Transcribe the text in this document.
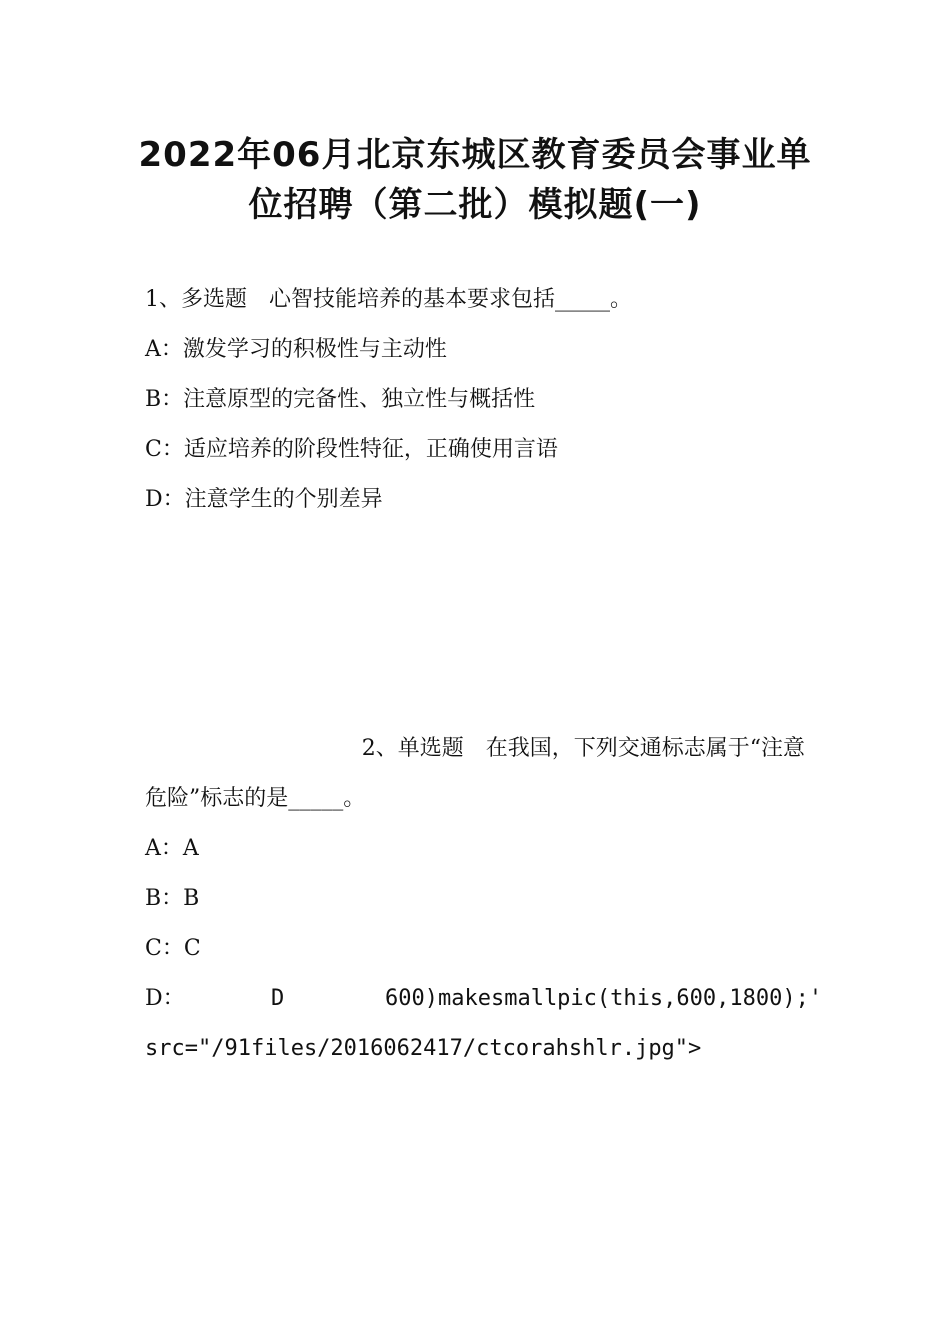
2022年06月北京东城区教育委员会事业单
位招聘（第二批）模拟题(一)
1、多选题　心智技能培养的基本要求包括_____。
A：激发学习的积极性与主动性
B：注意原型的完备性、独立性与概括性
C：适应培养的阶段性特征，正确使用言语
D：注意学生的个别差异
2、单选题　在我国，下列交通标志属于“注意
危险”标志的是_____。
A：A
B：B
C：C
D：	D	600)makesmallpic(this,600,1800);'
src="/91files/2016062417/ctcorahshlr.jpg">
